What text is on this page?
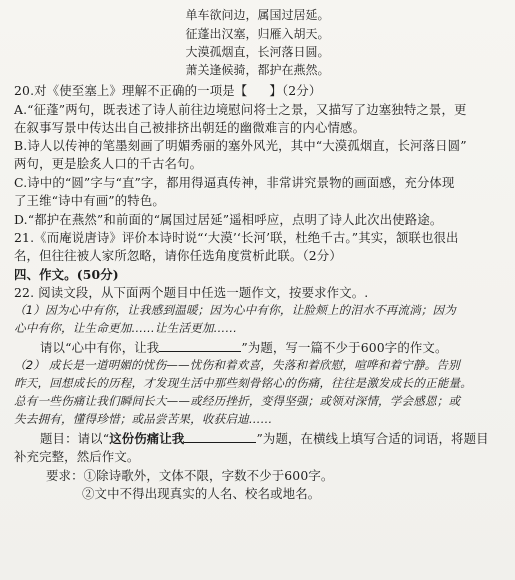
单车欲问边，属国过居延。
征蓬出汉塞，归雁入胡天。
大漠孤烟直，长河落日圆。
萧关逢候骑，都护在燕然。
20.对《使至塞上》理解不正确的一项是【 】（2分）
A.“征蓬”两句，既表述了诗人前往边境慰问将士之景，又描写了边塞独特之景，更
在叙事写景中传达出自己被排挤出朝廷的幽微难言的内心情感。
B.诗人以传神的笔墨刻画了明媚秀丽的塞外风光，其中“大漠孤烟直，长河落日圆”
两句，更是脍炙人口的千古名句。
C.诗中的“圆”字与“直”字，都用得逼真传神，非常讲究景物的画面感，充分体现
了王维“诗中有画”的特色。
D.“都护在燕然”和前面的“属国过居延”遥相呼应，点明了诗人此次出使路途。
21.《而庵说唐诗》评价本诗时说“‘大漠’‘长河’联，杜绝千古。”其实，颔联也很出
名，但往往被人家所忽略，请你任选角度赏析此联。（2分）
四、作文。(50分)
22. 阅读文段，从下面两个题目中任选一题作文，按要求作文。.
（1）因为心中有你，让我感到温暖；因为心中有你，让脸颊上的泪水不再流淌；因为
心中有你，让生命更加……让生活更加……
请以“心中有你，让我	”为题，写一篇不少于600字的作文。
（2） 成长是一道明媚的忧伤——忧伤和着欢喜，失落和着欣慰，喧哗和着宁静。告别
昨天，回想成长的历程，才发现生活中那些刻骨铭心的伤痛，往往是激发成长的正能量。
总有一些伤痛让我们瞬间长大——或经历挫折，变得坚强；或领对深情，学会感恩；或
失去拥有，懂得珍惜；或品尝苦果，收获启迪……
题目：请以“这份伤痛让我	”为题，在横线上填写合适的词语，将题目
补充完整，然后作文。
要求：①除诗歌外，文体不限，字数不少于600字。
②文中不得出现真实的人名、校名或地名。
